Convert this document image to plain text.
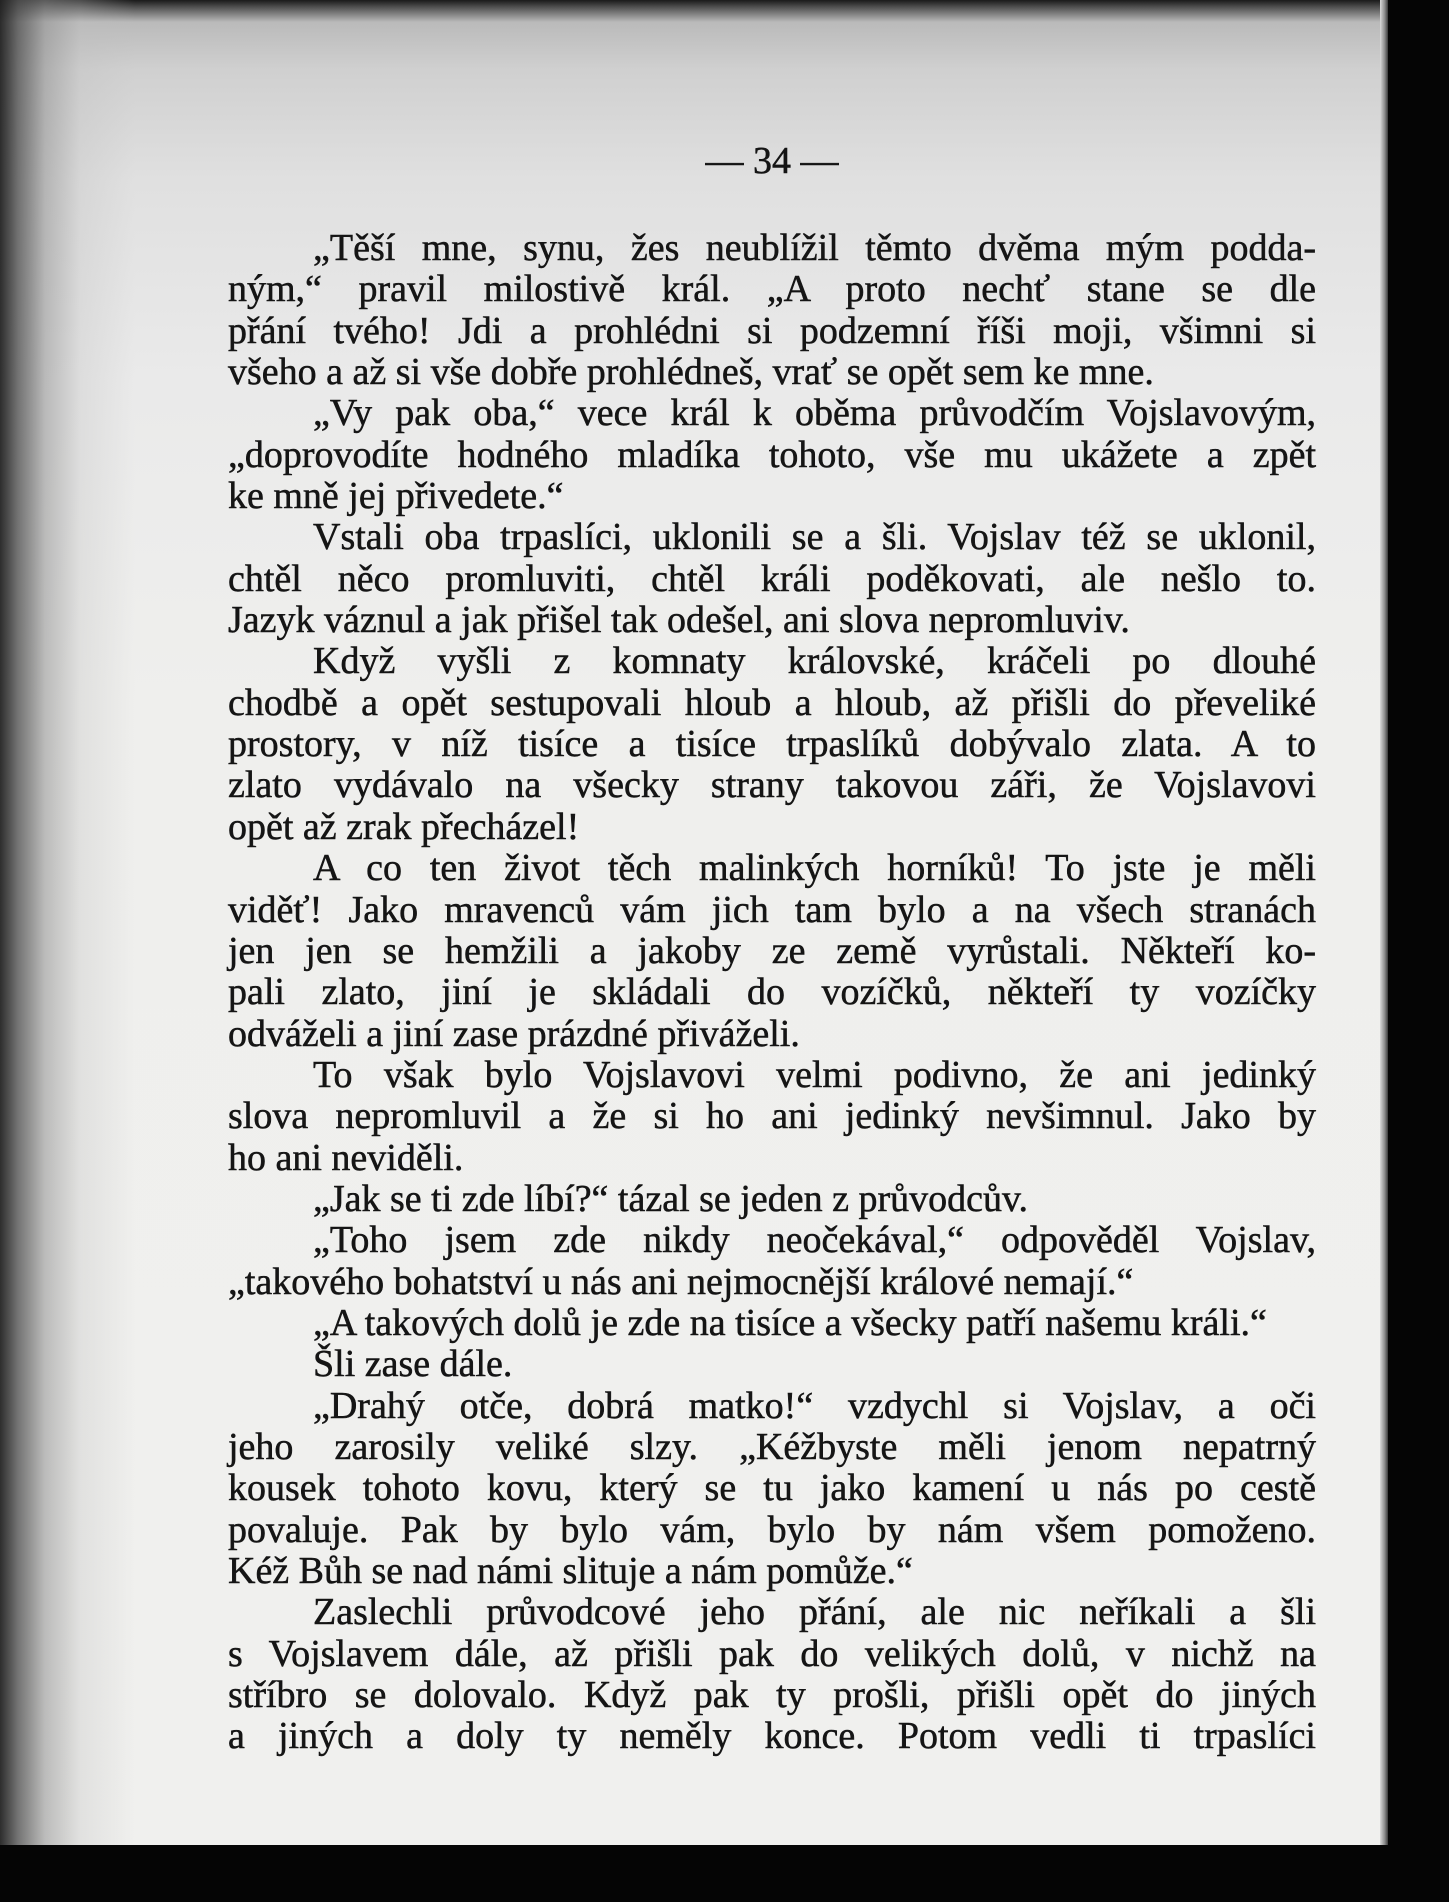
— 34 —
„Těší mne, synu, žes neublížil těmto dvěma mým podda-
ným,“ pravil milostivě král. „A proto nechť stane se dle
přání tvého! Jdi a prohlédni si podzemní říši moji, všimni si
všeho a až si vše dobře prohlédneš, vrať se opět sem ke mne.
„Vy pak oba,“ vece král k oběma průvodčím Vojslavovým,
„doprovodíte hodného mladíka tohoto, vše mu ukážete a zpět
ke mně jej přivedete.“
Vstali oba trpaslíci, uklonili se a šli. Vojslav též se uklonil,
chtěl něco promluviti, chtěl králi poděkovati, ale nešlo to.
Jazyk váznul a jak přišel tak odešel, ani slova nepromluviv.
Když vyšli z komnaty královské, kráčeli po dlouhé
chodbě a opět sestupovali hloub a hloub, až přišli do převeliké
prostory, v níž tisíce a tisíce trpaslíků dobývalo zlata. A to
zlato vydávalo na všecky strany takovou záři, že Vojslavovi
opět až zrak přecházel!
A co ten život těch malinkých horníků! To jste je měli
viděť! Jako mravenců vám jich tam bylo a na všech stranách
jen jen se hemžili a jakoby ze země vyrůstali. Někteří ko-
pali zlato, jiní je skládali do vozíčků, někteří ty vozíčky
odváželi a jiní zase prázdné přiváželi.
To však bylo Vojslavovi velmi podivno, že ani jedinký
slova nepromluvil a že si ho ani jedinký nevšimnul. Jako by
ho ani neviděli.
„Jak se ti zde líbí?“ tázal se jeden z průvodcův.
„Toho jsem zde nikdy neočekával,“ odpověděl Vojslav,
„takového bohatství u nás ani nejmocnější králové nemají.“
„A takových dolů je zde na tisíce a všecky patří našemu králi.“
Šli zase dále.
„Drahý otče, dobrá matko!“ vzdychl si Vojslav, a oči
jeho zarosily veliké slzy. „Kéžbyste měli jenom nepatrný
kousek tohoto kovu, který se tu jako kamení u nás po cestě
povaluje. Pak by bylo vám, bylo by nám všem pomoženo.
Kéž Bůh se nad námi slituje a nám pomůže.“
Zaslechli průvodcové jeho přání, ale nic neříkali a šli
s Vojslavem dále, až přišli pak do velikých dolů, v nichž na
stříbro se dolovalo. Když pak ty prošli, přišli opět do jiných
a jiných a doly ty neměly konce. Potom vedli ti trpaslíci
